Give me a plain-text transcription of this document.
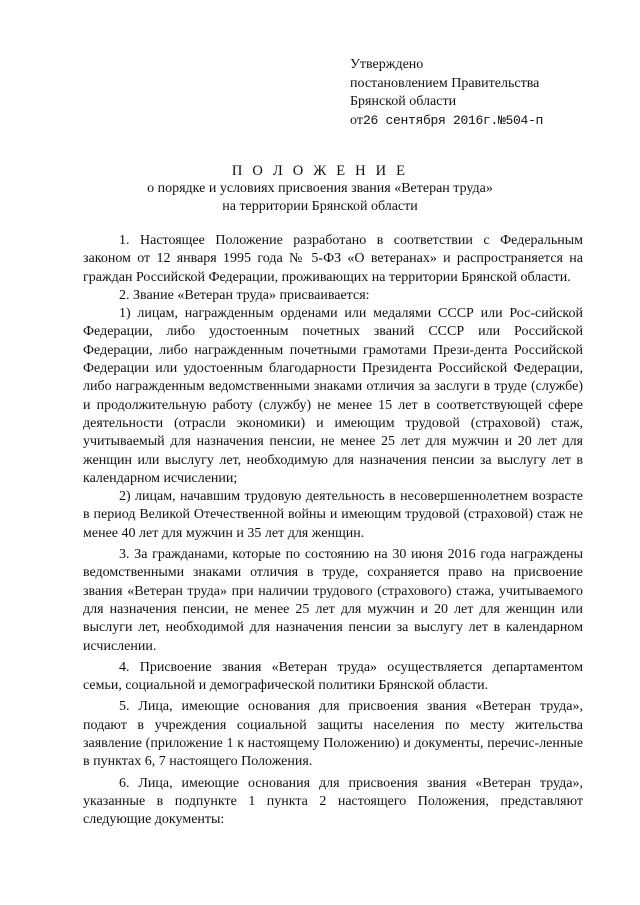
Утверждено
постановлением Правительства
Брянской области
от26 сентября 2016г.№504-п
П О Л О Ж Е Н И Е
о порядке и условиях присвоения звания «Ветеран труда»
на территории Брянской области

1. Настоящее Положение разработано в соответствии с Федеральным законом от 12 января 1995 года № 5-ФЗ «О ветеранах» и распространяется на граждан Российской Федерации, проживающих на территории Брянской области.

2. Звание «Ветеран труда» присваивается:

1) лицам, награжденным орденами или медалями СССР или Рос-сийской Федерации, либо удостоенным почетных званий СССР или Российской Федерации, либо награжденным почетными грамотами Прези-дента Российской Федерации или удостоенным благодарности Президента Российской Федерации, либо награжденным ведомственными знаками отличия за заслуги в труде (службе) и продолжительную работу (службу) не менее 15 лет в соответствующей сфере деятельности (отрасли экономики) и имеющим трудовой (страховой) стаж, учитываемый для назначения пенсии, не менее 25 лет для мужчин и 20 лет для женщин или выслугу лет, необходимую для назначения пенсии за выслугу лет в календарном исчислении;

2) лицам, начавшим трудовую деятельность в несовершеннолетнем возрасте в период Великой Отечественной войны и имеющим трудовой (страховой) стаж не менее 40 лет для мужчин и 35 лет для женщин.

3. За гражданами, которые по состоянию на 30 июня 2016 года награждены ведомственными знаками отличия в труде, сохраняется право на присвоение звания «Ветеран труда» при наличии трудового (страхового) стажа, учитываемого для назначения пенсии, не менее 25 лет для мужчин и 20 лет для женщин или выслуги лет, необходимой для назначения пенсии за выслугу лет в календарном исчислении.

4. Присвоение звания «Ветеран труда» осуществляется департаментом семьи, социальной и демографической политики Брянской области.

5. Лица, имеющие основания для присвоения звания «Ветеран труда», подают в учреждения социальной защиты населения по месту жительства заявление (приложение 1 к настоящему Положению) и документы, перечис-ленные в пунктах 6, 7 настоящего Положения.

6. Лица, имеющие основания для присвоения звания «Ветеран труда», указанные в подпункте 1 пункта 2 настоящего Положения, представляют следующие документы:
